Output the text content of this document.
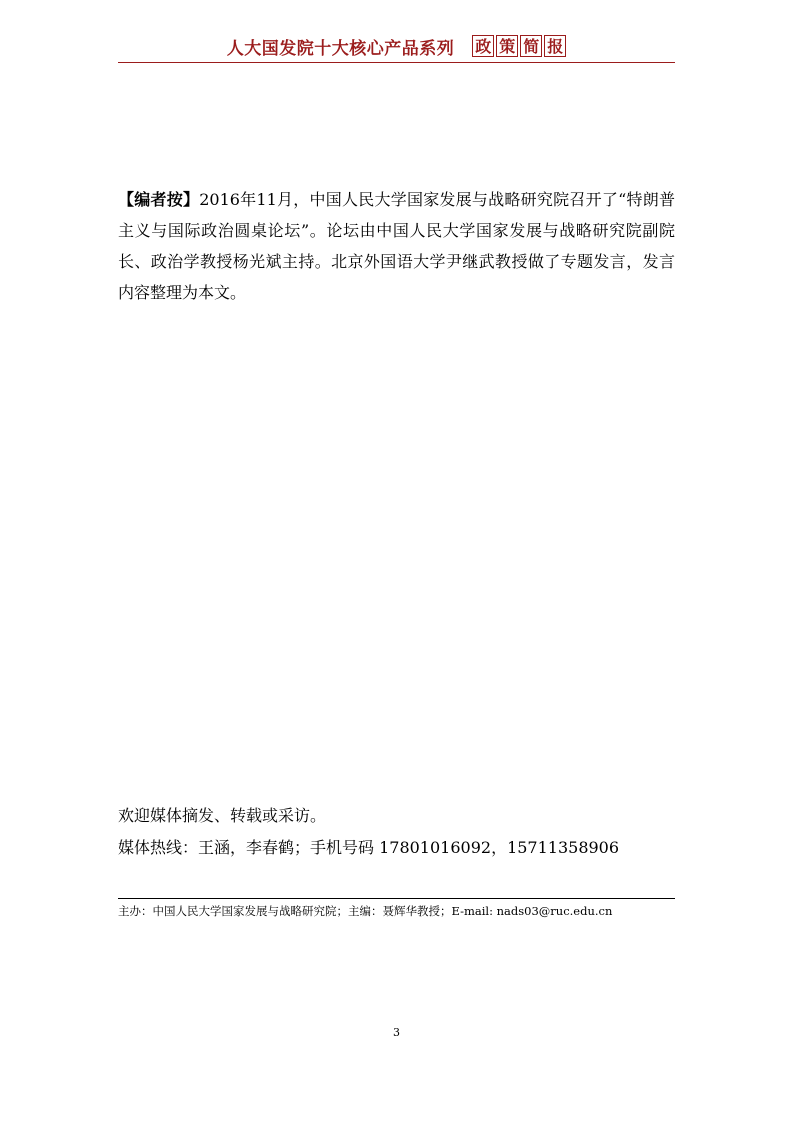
人大国发院十大核心产品系列 政 策 简 报
【编者按】2016年11月，中国人民大学国家发展与战略研究院召开了“特朗普主义与国际政治圆桌论坛”。论坛由中国人民大学国家发展与战略研究院副院长、政治学教授杨光斌主持。北京外国语大学尹继武教授做了专题发言，发言内容整理为本文。
欢迎媒体摘发、转载或采访。
媒体热线：王涵，李春鹤；手机号码 17801016092，15711358906
主办：中国人民大学国家发展与战略研究院；主编：聂辉华教授；E-mail: nads03@ruc.edu.cn
3
